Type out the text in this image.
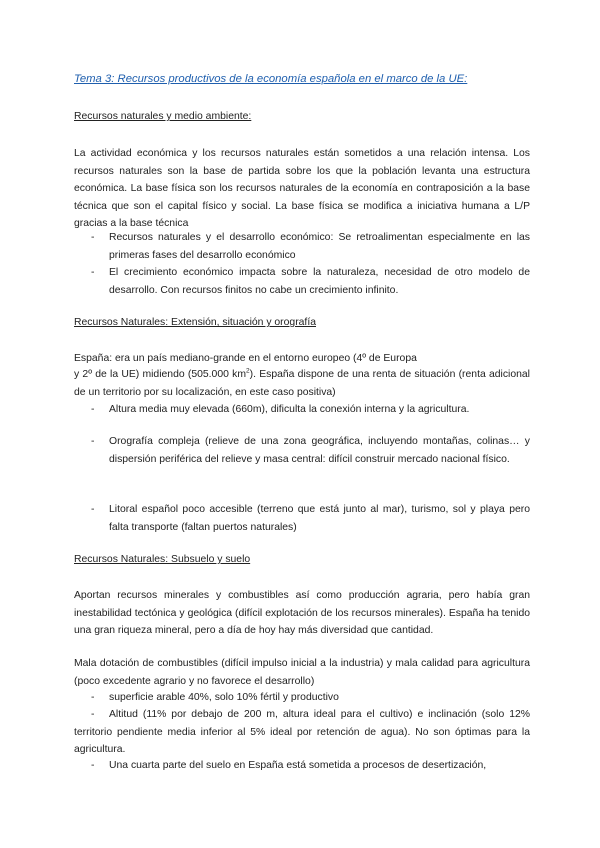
Tema 3: Recursos productivos de la economía española en el marco de la UE:
Recursos naturales y medio ambiente:
La actividad económica y los recursos naturales están sometidos a una relación intensa. Los recursos naturales son la base de partida sobre los que la población levanta una estructura económica. La base física son los recursos naturales de la economía en contraposición a la base técnica que son el capital físico y social. La base física se modifica a iniciativa humana a L/P gracias a la base técnica
- Recursos naturales y el desarrollo económico: Se retroalimentan especialmente en las primeras fases del desarrollo económico
- El crecimiento económico impacta sobre la naturaleza, necesidad de otro modelo de desarrollo. Con recursos finitos no cabe un crecimiento infinito.
Recursos Naturales: Extensión, situación y orografía
España: era un país mediano-grande en el entorno europeo (4º de Europa
y 2º de la UE) midiendo (505.000 $km^2$). España dispone de una renta de situación (renta adicional de un territorio por su localización, en este caso positiva)
- Altura media muy elevada (660m), dificulta la conexión interna y la agricultura.
- Orografía compleja (relieve de una zona geográfica, incluyendo montañas, colinas… y dispersión periférica del relieve y masa central: difícil construir mercado nacional físico.
- Litoral español poco accesible (terreno que está junto al mar), turismo, sol y playa pero falta transporte (faltan puertos naturales)
Recursos Naturales: Subsuelo y suelo
Aportan recursos minerales y combustibles así como producción agraria, pero había gran inestabilidad tectónica y geológica (difícil explotación de los recursos minerales). España ha tenido una gran riqueza mineral, pero a día de hoy hay más diversidad que cantidad.
Mala dotación de combustibles (difícil impulso inicial a la industria) y mala calidad para agricultura (poco excedente agrario y no favorece el desarrollo)
- superficie arable 40%, solo 10% fértil y productivo
Altitud (11% por debajo de 200 m, altura ideal para el cultivo) e inclinación (solo 12% territorio pendiente media inferior al 5% ideal por retención de agua). No son óptimas para la agricultura.
-
- Una cuarta parte del suelo en España está sometida a procesos de desertización,
